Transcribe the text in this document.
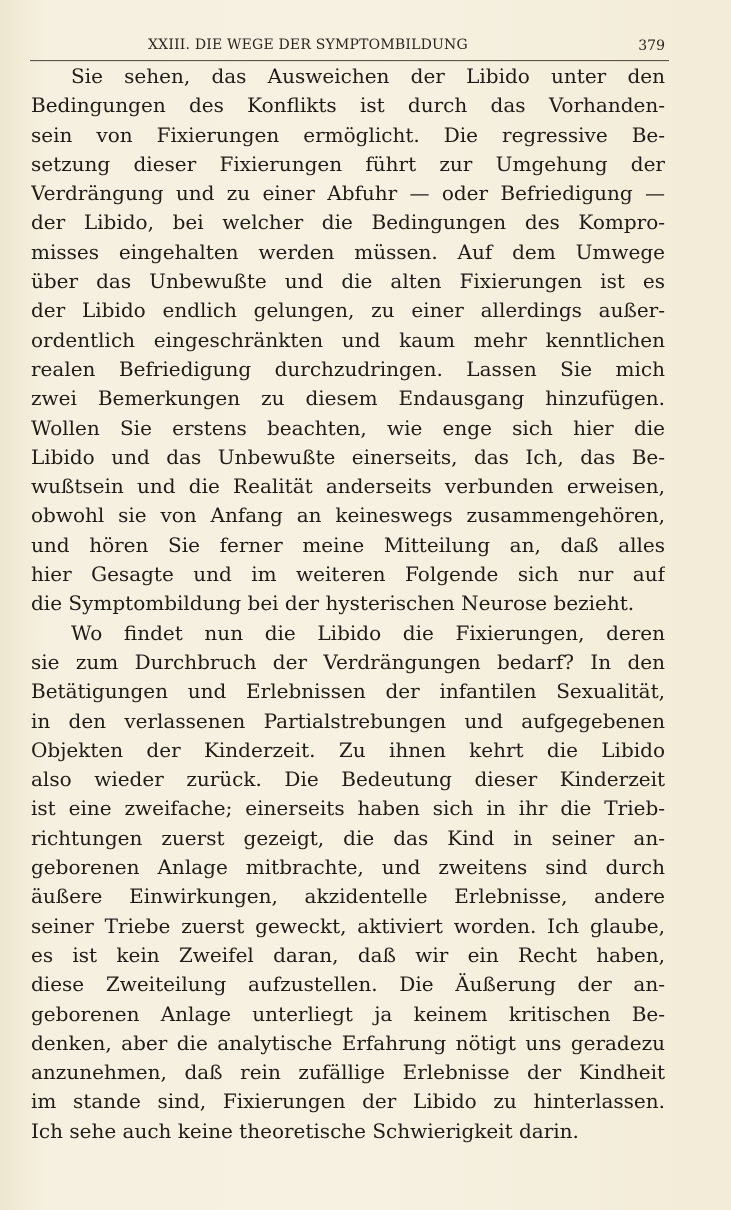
XXIII. DIE WEGE DER SYMPTOMBILDUNG	379
Sie sehen, das Ausweichen der Libido unter den
Bedingungen des Konflikts ist durch das Vorhanden-
sein von Fixierungen ermöglicht. Die regressive Be-
setzung dieser Fixierungen führt zur Umgehung der
Verdrängung und zu einer Abfuhr — oder Befriedigung —
der Libido, bei welcher die Bedingungen des Kompro-
misses eingehalten werden müssen. Auf dem Umwege
über das Unbewußte und die alten Fixierungen ist es
der Libido endlich gelungen, zu einer allerdings außer-
ordentlich eingeschränkten und kaum mehr kenntlichen
realen Befriedigung durchzudringen. Lassen Sie mich
zwei Bemerkungen zu diesem Endausgang hinzufügen.
Wollen Sie erstens beachten, wie enge sich hier die
Libido und das Unbewußte einerseits, das Ich, das Be-
wußtsein und die Realität anderseits verbunden erweisen,
obwohl sie von Anfang an keineswegs zusammengehören,
und hören Sie ferner meine Mitteilung an, daß alles
hier Gesagte und im weiteren Folgende sich nur auf
die Symptombildung bei der hysterischen Neurose bezieht.
Wo findet nun die Libido die Fixierungen, deren
sie zum Durchbruch der Verdrängungen bedarf? In den
Betätigungen und Erlebnissen der infantilen Sexualität,
in den verlassenen Partialstrebungen und aufgegebenen
Objekten der Kinderzeit. Zu ihnen kehrt die Libido
also wieder zurück. Die Bedeutung dieser Kinderzeit
ist eine zweifache; einerseits haben sich in ihr die Trieb-
richtungen zuerst gezeigt, die das Kind in seiner an-
geborenen Anlage mitbrachte, und zweitens sind durch
äußere Einwirkungen, akzidentelle Erlebnisse, andere
seiner Triebe zuerst geweckt, aktiviert worden. Ich glaube,
es ist kein Zweifel daran, daß wir ein Recht haben,
diese Zweiteilung aufzustellen. Die Äußerung der an-
geborenen Anlage unterliegt ja keinem kritischen Be-
denken, aber die analytische Erfahrung nötigt uns geradezu
anzunehmen, daß rein zufällige Erlebnisse der Kindheit
im stande sind, Fixierungen der Libido zu hinterlassen.
Ich sehe auch keine theoretische Schwierigkeit darin.
